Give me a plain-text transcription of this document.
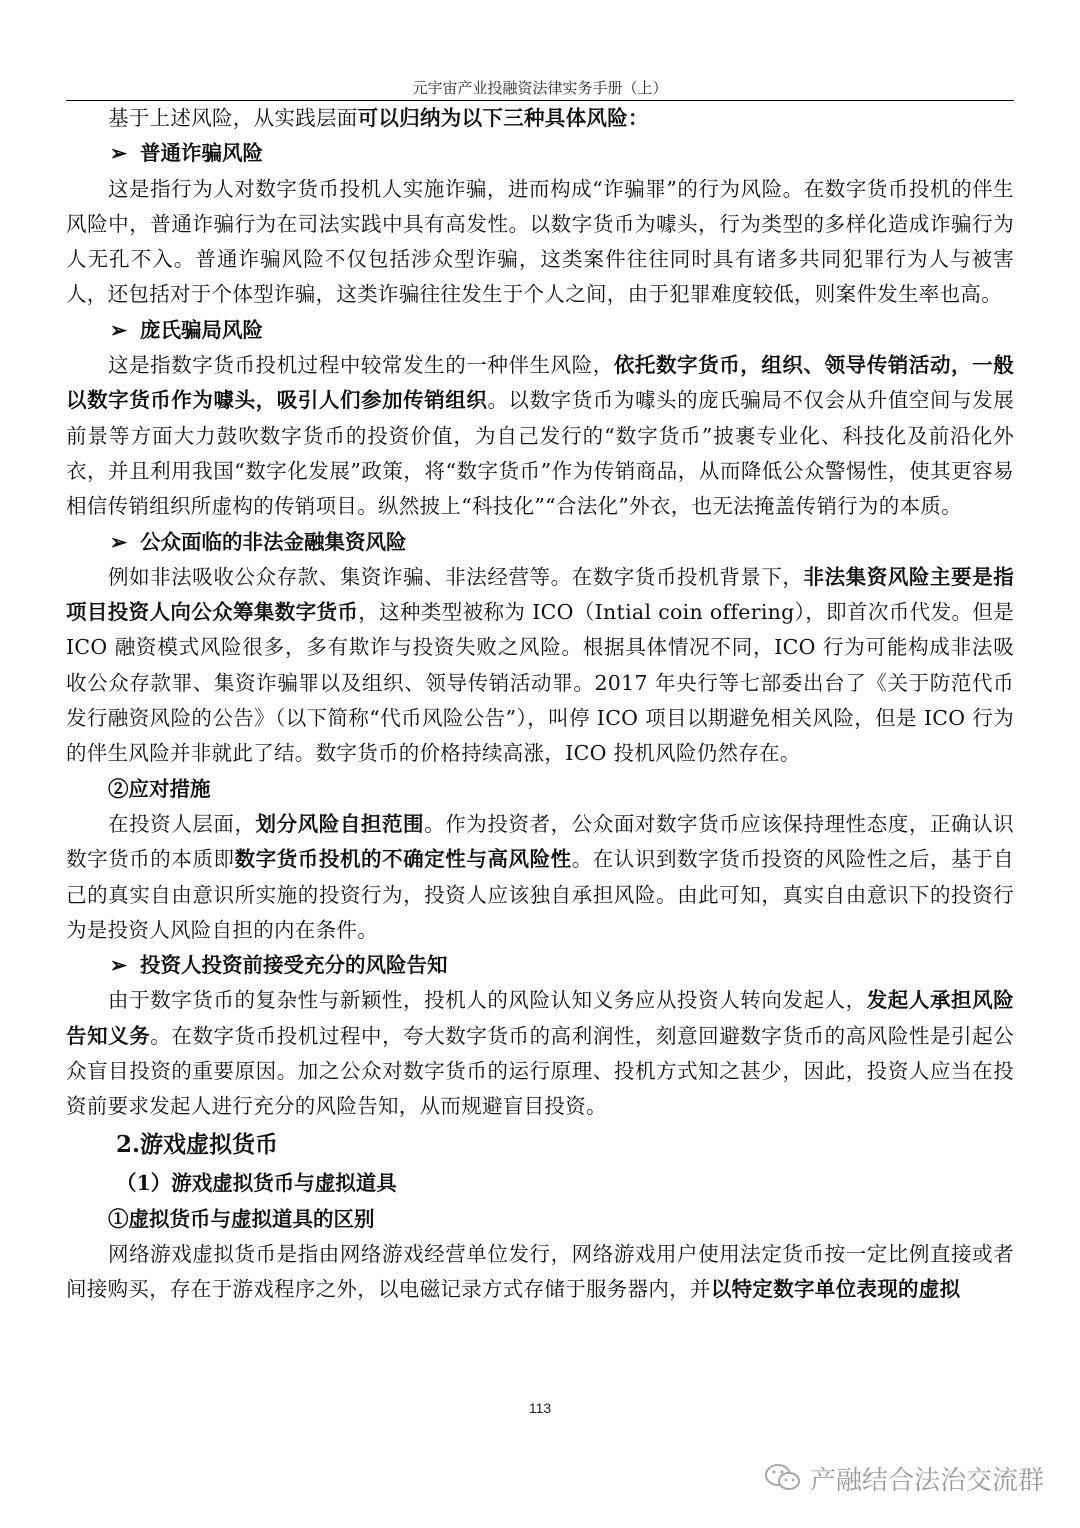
元宇宙产业投融资法律实务手册（上）

基于上述风险，从实践层面可以归纳为以下三种具体风险：

➢ 普通诈骗风险

这是指行为人对数字货币投机人实施诈骗，进而构成“诈骗罪”的行为风险。在数字货币投机的伴生风险中，普通诈骗行为在司法实践中具有高发性。以数字货币为噱头，行为类型的多样化造成诈骗行为人无孔不入。普通诈骗风险不仅包括涉众型诈骗，这类案件往往同时具有诸多共同犯罪行为人与被害人，还包括对于个体型诈骗，这类诈骗往往发生于个人之间，由于犯罪难度较低，则案件发生率也高。

➢ 庞氏骗局风险

这是指数字货币投机过程中较常发生的一种伴生风险，依托数字货币，组织、领导传销活动，一般以数字货币作为噱头，吸引人们参加传销组织。以数字货币为噱头的庞氏骗局不仅会从升值空间与发展前景等方面大力鼓吹数字货币的投资价值，为自己发行的“数字货币”披裹专业化、科技化及前沿化外衣，并且利用我国“数字化发展”政策，将“数字货币”作为传销商品，从而降低公众警惕性，使其更容易相信传销组织所虚构的传销项目。纵然披上“科技化”“合法化”外衣，也无法掩盖传销行为的本质。

➢ 公众面临的非法金融集资风险

例如非法吸收公众存款、集资诈骗、非法经营等。在数字货币投机背景下，非法集资风险主要是指项目投资人向公众筹集数字货币，这种类型被称为 ICO（Intial coin offering），即首次币代发。但是 ICO 融资模式风险很多，多有欺诈与投资失败之风险。根据具体情况不同，ICO 行为可能构成非法吸收公众存款罪、集资诈骗罪以及组织、领导传销活动罪。2017 年央行等七部委出台了《关于防范代币发行融资风险的公告》（以下简称“代币风险公告”），叫停 ICO 项目以期避免相关风险，但是 ICO 行为的伴生风险并非就此了结。数字货币的价格持续高涨，ICO 投机风险仍然存在。

②应对措施

在投资人层面，划分风险自担范围。作为投资者，公众面对数字货币应该保持理性态度，正确认识数字货币的本质即数字货币投机的不确定性与高风险性。在认识到数字货币投资的风险性之后，基于自己的真实自由意识所实施的投资行为，投资人应该独自承担风险。由此可知，真实自由意识下的投资行为是投资人风险自担的内在条件。

➢ 投资人投资前接受充分的风险告知

由于数字货币的复杂性与新颖性，投机人的风险认知义务应从投资人转向发起人，发起人承担风险告知义务。在数字货币投机过程中，夸大数字货币的高利润性，刻意回避数字货币的高风险性是引起公众盲目投资的重要原因。加之公众对数字货币的运行原理、投机方式知之甚少，因此，投资人应当在投资前要求发起人进行充分的风险告知，从而规避盲目投资。

2.游戏虚拟货币

（1）游戏虚拟货币与虚拟道具

①虚拟货币与虚拟道具的区别

网络游戏虚拟货币是指由网络游戏经营单位发行，网络游戏用户使用法定货币按一定比例直接或者间接购买，存在于游戏程序之外，以电磁记录方式存储于服务器内，并以特定数字单位表现的虚拟

113
产融结合法治交流群
